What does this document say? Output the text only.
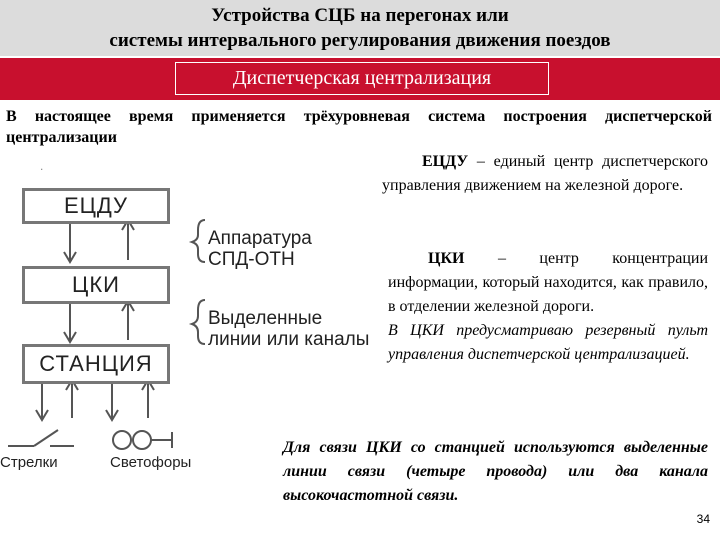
Устройства СЦБ на перегонах или
системы интервального регулирования движения поездов
Диспетчерская централизация
В настоящее время применяется трёхуровневая система построения диспетчерской централизации
ЕЦДУ – единый центр диспетчерского управления движением на железной дороге.
ЦКИ – центр концентрации информации, который находится, как правило, в отделении железной дороги.
В ЦКИ предусматриваю резервный пульт управления диспетчерской централизацией.
Для связи ЦКИ со станцией используются выделенные линии связи (четыре провода) или два канала высокочастотной связи.
.
ЕЦДУ
ЦКИ
СТАНЦИЯ
Аппаратура
СПД-ОТН
Выделенные
линии или каналы
Стрелки	Светофоры
34
